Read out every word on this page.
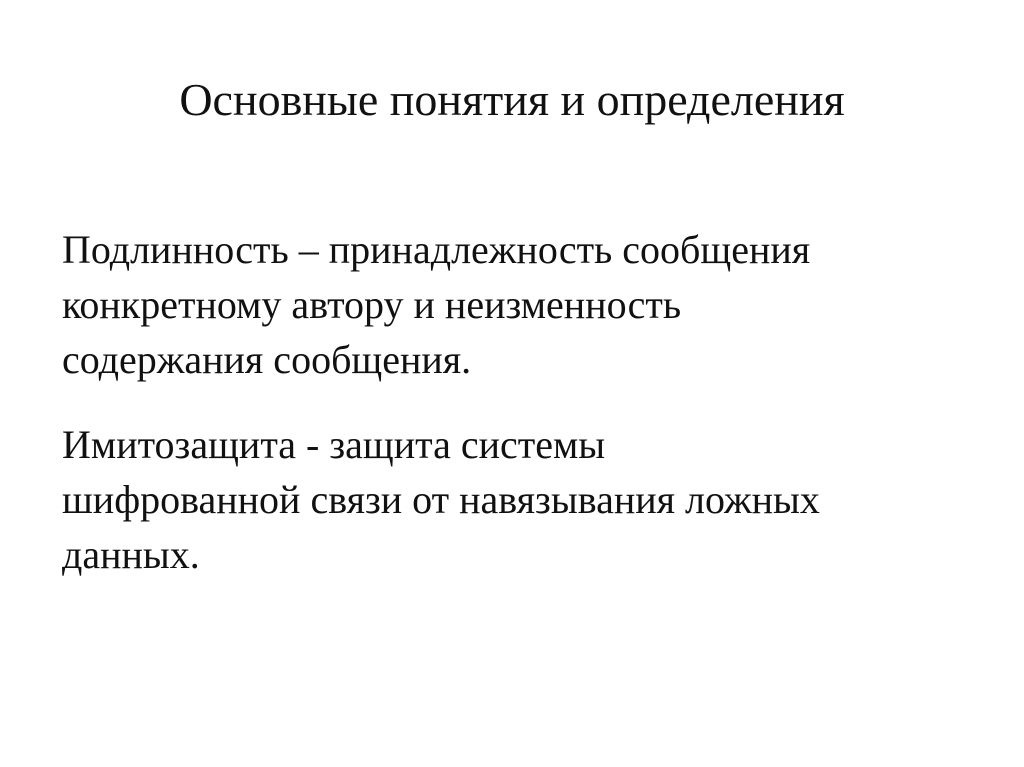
Основные понятия и определения

Подлинность – принадлежность сообщения
конкретному автору и неизменность
содержания сообщения.

Имитозащита - защита системы
шифрованной связи от навязывания ложных
данных.
